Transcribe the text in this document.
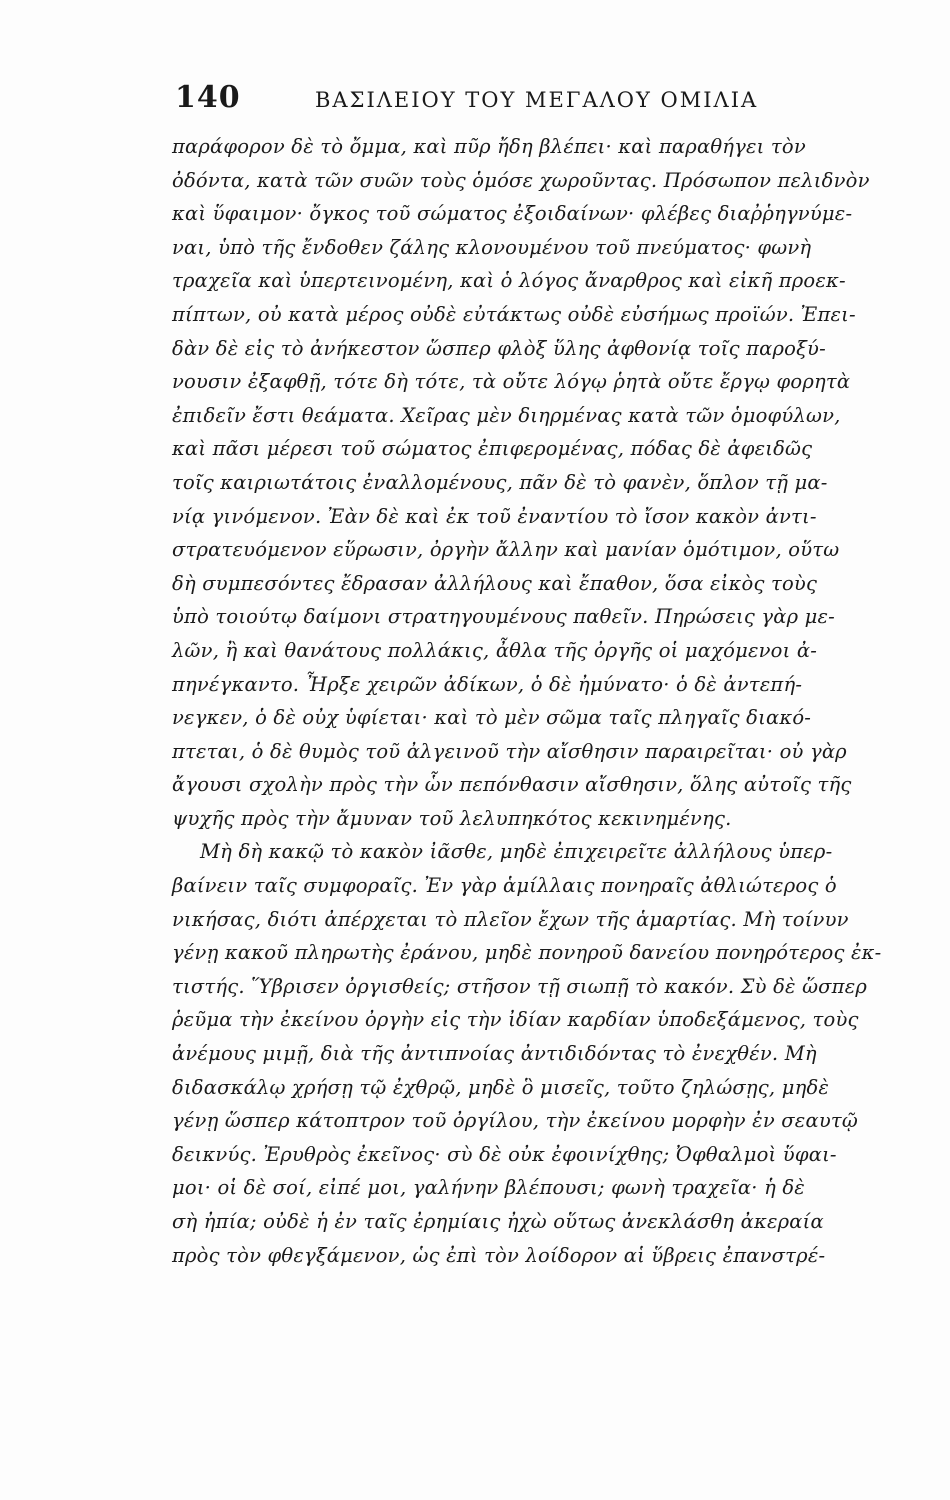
140	ΒΑΣΙΛΕΙΟΥ ΤΟΥ ΜΕΓΑΛΟΥ ΟΜΙΛΙΑ
παράφορον δὲ τὸ ὄμμα, καὶ πῦρ ἤδη βλέπει· καὶ παραθήγει τὸν
ὀδόντα, κατὰ τῶν συῶν τοὺς ὁμόσε χωροῦντας. Πρόσωπον πελιδνὸν
καὶ ὕφαιμον· ὄγκος τοῦ σώματος ἐξοιδαίνων· φλέβες διαῤῥηγνύμε-
ναι, ὑπὸ τῆς ἔνδοθεν ζάλης κλονουμένου τοῦ πνεύματος· φωνὴ
τραχεῖα καὶ ὑπερτεινομένη, καὶ ὁ λόγος ἄναρθρος καὶ εἰκῆ προεκ-
πίπτων, οὐ κατὰ μέρος οὐδὲ εὐτάκτως οὐδὲ εὐσήμως προϊών. Ἐπει-
δὰν δὲ εἰς τὸ ἀνήκεστον ὥσπερ φλὸξ ὕλης ἀφθονίᾳ τοῖς παροξύ-
νουσιν ἐξαφθῇ, τότε δὴ τότε, τὰ οὔτε λόγῳ ῥητὰ οὔτε ἔργῳ φορητὰ
ἐπιδεῖν ἔστι θεάματα. Χεῖρας μὲν διηρμένας κατὰ τῶν ὁμοφύλων,
καὶ πᾶσι μέρεσι τοῦ σώματος ἐπιφερομένας, πόδας δὲ ἀφειδῶς
τοῖς καιριωτάτοις ἐναλλομένους, πᾶν δὲ τὸ φανὲν, ὅπλον τῇ μα-
νίᾳ γινόμενον. Ἐὰν δὲ καὶ ἐκ τοῦ ἐναντίου τὸ ἴσον κακὸν ἀντι-
στρατευόμενον εὕρωσιν, ὀργὴν ἄλλην καὶ μανίαν ὁμότιμον, οὕτω
δὴ συμπεσόντες ἔδρασαν ἀλλήλους καὶ ἔπαθον, ὅσα εἰκὸς τοὺς
ὑπὸ τοιούτῳ δαίμονι στρατηγουμένους παθεῖν. Πηρώσεις γὰρ με-
λῶν, ἢ καὶ θανάτους πολλάκις, ἆθλα τῆς ὀργῆς οἱ μαχόμενοι ἀ-
πηνέγκαντο. Ἦρξε χειρῶν ἀδίκων, ὁ δὲ ἠμύνατο· ὁ δὲ ἀντεπή-
νεγκεν, ὁ δὲ οὐχ ὑφίεται· καὶ τὸ μὲν σῶμα ταῖς πληγαῖς διακό-
πτεται, ὁ δὲ θυμὸς τοῦ ἀλγεινοῦ τὴν αἴσθησιν παραιρεῖται· οὐ γὰρ
ἄγουσι σχολὴν πρὸς τὴν ὧν πεπόνθασιν αἴσθησιν, ὅλης αὐτοῖς τῆς
ψυχῆς πρὸς τὴν ἄμυναν τοῦ λελυπηκότος κεκινημένης.
Μὴ δὴ κακῷ τὸ κακὸν ἰᾶσθε, μηδὲ ἐπιχειρεῖτε ἀλλήλους ὑπερ-
βαίνειν ταῖς συμφοραῖς. Ἐν γὰρ ἁμίλλαις πονηραῖς ἀθλιώτερος ὁ
νικήσας, διότι ἀπέρχεται τὸ πλεῖον ἔχων τῆς ἁμαρτίας. Μὴ τοίνυν
γένῃ κακοῦ πληρωτὴς ἐράνου, μηδὲ πονηροῦ δανείου πονηρότερος ἐκ-
τιστής. Ὕβρισεν ὀργισθείς; στῆσον τῇ σιωπῇ τὸ κακόν. Σὺ δὲ ὥσπερ
ῥεῦμα τὴν ἐκείνου ὀργὴν εἰς τὴν ἰδίαν καρδίαν ὑποδεξάμενος, τοὺς
ἀνέμους μιμῇ, διὰ τῆς ἀντιπνοίας ἀντιδιδόντας τὸ ἐνεχθέν. Μὴ
διδασκάλῳ χρήσῃ τῷ ἐχθρῷ, μηδὲ ὃ μισεῖς, τοῦτο ζηλώσῃς, μηδὲ
γένῃ ὥσπερ κάτοπτρον τοῦ ὀργίλου, τὴν ἐκείνου μορφὴν ἐν σεαυτῷ
δεικνύς. Ἐρυθρὸς ἐκεῖνος· σὺ δὲ οὐκ ἐφοινίχθης; Ὀφθαλμοὶ ὕφαι-
μοι· οἱ δὲ σοί, εἰπέ μοι, γαλήνην βλέπουσι; φωνὴ τραχεῖα· ἡ δὲ
σὴ ἠπία; οὐδὲ ἡ ἐν ταῖς ἐρημίαις ἠχὼ οὕτως ἀνεκλάσθη ἀκεραία
πρὸς τὸν φθεγξάμενον, ὡς ἐπὶ τὸν λοίδορον αἱ ὕβρεις ἐπανστρέ-
